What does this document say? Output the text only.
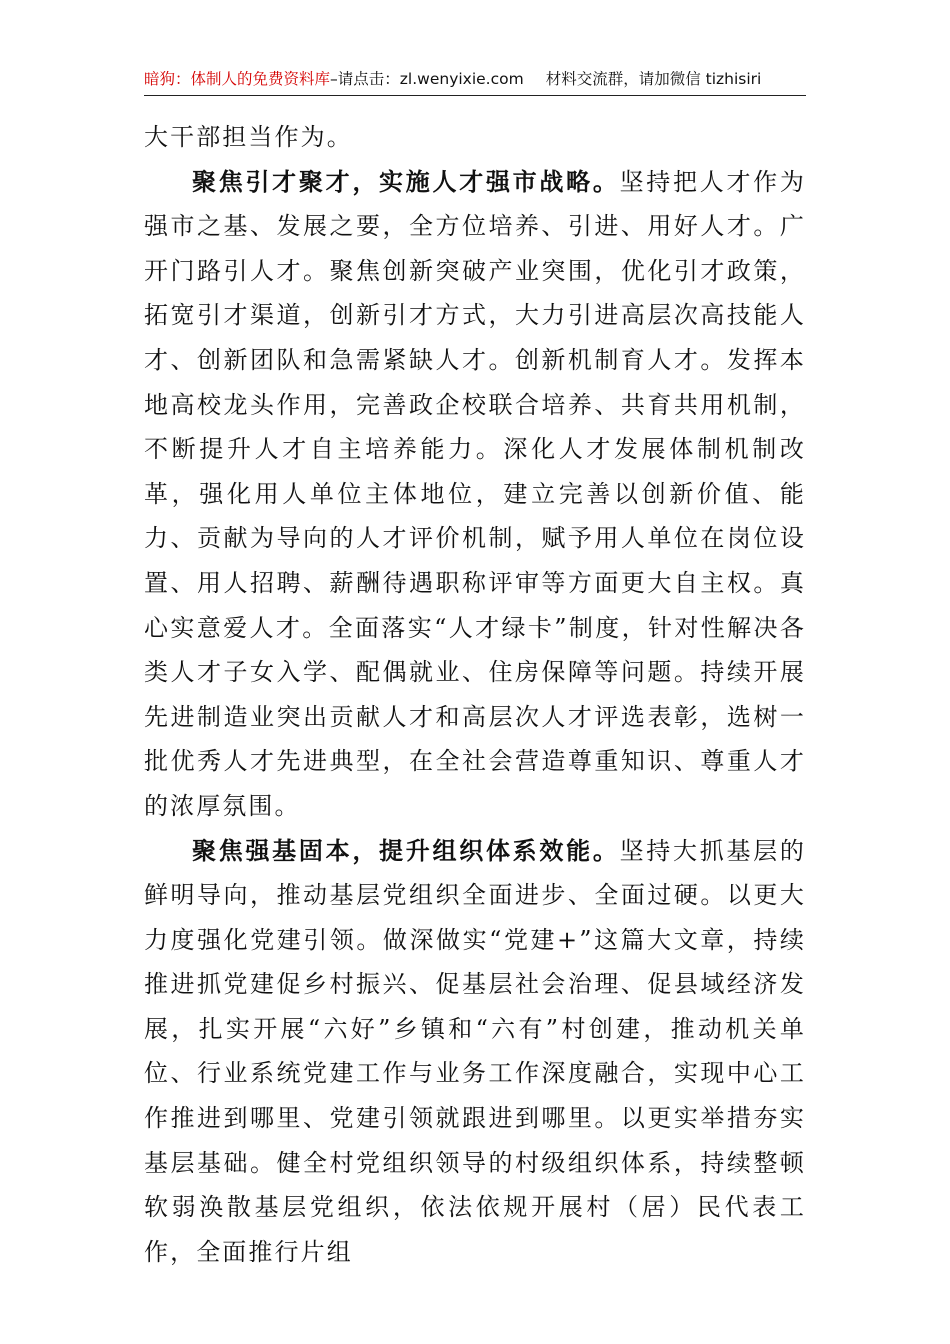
暗狗：体制人的免费资料库–请点击：zl.wenyixie.com 材料交流群，请加微信 tizhisiri

大干部担当作为。

聚焦引才聚才，实施人才强市战略。坚持把人才作为强市之基、发展之要，全方位培养、引进、用好人才。广开门路引人才。聚焦创新突破产业突围，优化引才政策，拓宽引才渠道，创新引才方式，大力引进高层次高技能人才、创新团队和急需紧缺人才。创新机制育人才。发挥本地高校龙头作用，完善政企校联合培养、共育共用机制，不断提升人才自主培养能力。深化人才发展体制机制改革，强化用人单位主体地位，建立完善以创新价值、能力、贡献为导向的人才评价机制，赋予用人单位在岗位设置、用人招聘、薪酬待遇职称评审等方面更大自主权。真心实意爱人才。全面落实“人才绿卡”制度，针对性解决各类人才子女入学、配偶就业、住房保障等问题。持续开展先进制造业突出贡献人才和高层次人才评选表彰，选树一批优秀人才先进典型，在全社会营造尊重知识、尊重人才的浓厚氛围。

聚焦强基固本，提升组织体系效能。坚持大抓基层的鲜明导向，推动基层党组织全面进步、全面过硬。以更大力度强化党建引领。做深做实“党建+”这篇大文章，持续推进抓党建促乡村振兴、促基层社会治理、促县域经济发展，扎实开展“六好”乡镇和“六有”村创建，推动机关单位、行业系统党建工作与业务工作深度融合，实现中心工作推进到哪里、党建引领就跟进到哪里。以更实举措夯实基层基础。健全村党组织领导的村级组织体系，持续整顿软弱涣散基层党组织，依法依规开展村（居）民代表工作，全面推行片组
